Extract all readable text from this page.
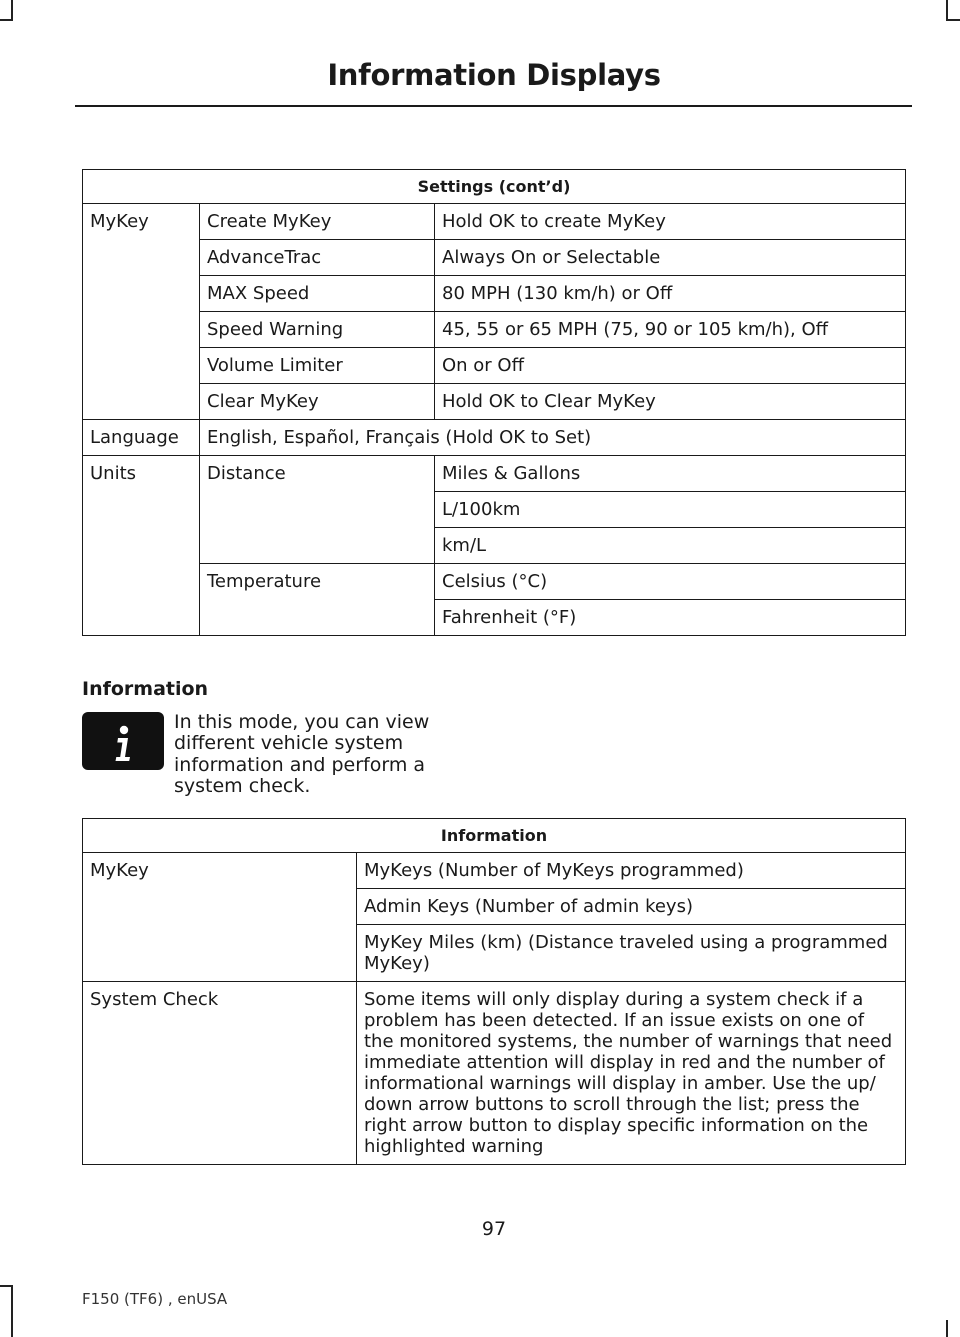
Information Displays
Settings (cont’d)		
MyKey	Create MyKey	Hold OK to create MyKey
	AdvanceTrac	Always On or Selectable
	MAX Speed	80 MPH (130 km/h) or Off
	Speed Warning	45, 55 or 65 MPH (75, 90 or 105 km/h), Off
	Volume Limiter	On or Off
	Clear MyKey	Hold OK to Clear MyKey
Language	English, Español, Français (Hold OK to Set)	
Units	Distance	Miles & Gallons
		L/100km
		km/L
	Temperature	Celsius (°C)
		Fahrenheit (°F)
Information

In this mode, you can view different vehicle system information and perform a system check.

Information	
MyKey	MyKeys (Number of MyKeys programmed)
	Admin Keys (Number of admin keys)
	MyKey Miles (km) (Distance traveled using a programmed MyKey)
System Check	Some items will only display during a system check if a problem has been detected. If an issue exists on one of the monitored systems, the number of warnings that need immediate attention will display in red and the number of informational warnings will display in amber. Use the up/ down arrow buttons to scroll through the list; press the right arrow button to display specific information on the highlighted warning
97
F150 (TF6) , enUSA
